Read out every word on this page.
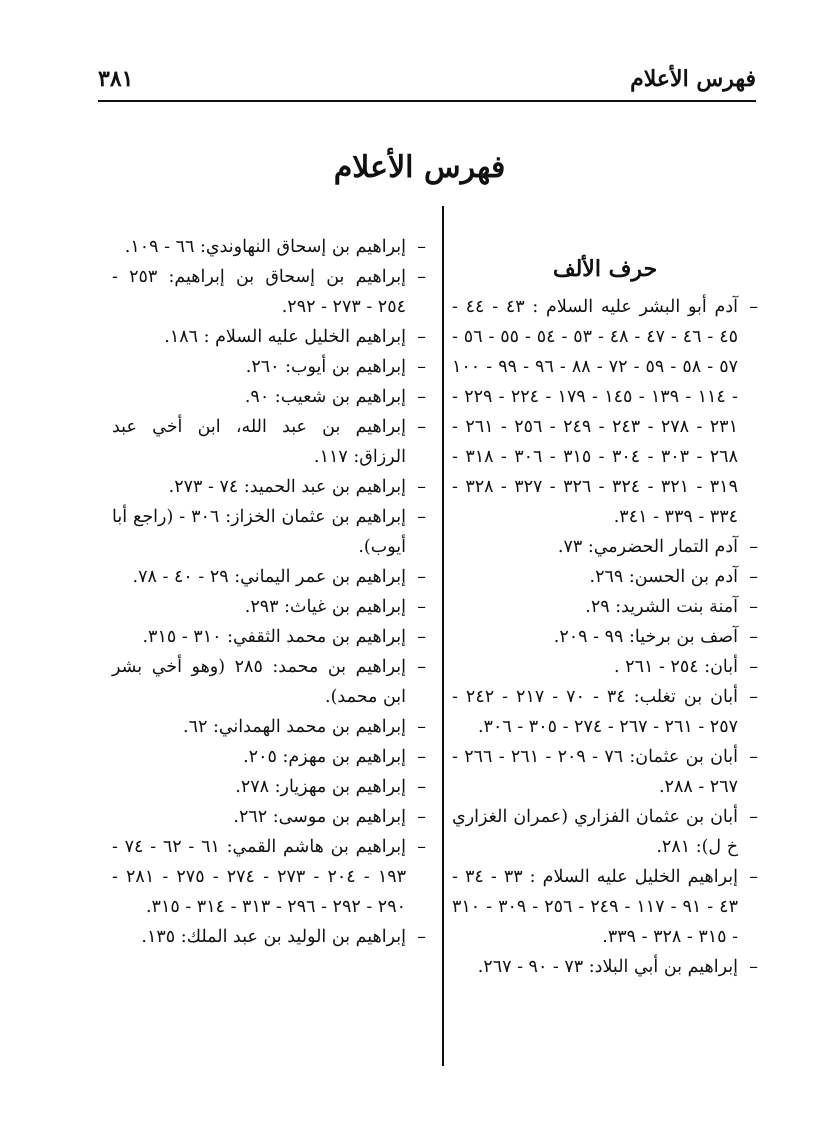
فهرس الأعلام
٣٨١
فهرس الأعلام
حرف الألف
–
آدم أبو البشر عليه السلام : ٤٣ - ٤٤ - ٤٥ - ٤٦ - ٤٧ - ٤٨ - ٥٣ - ٥٤ - ٥٥ - ٥٦ - ٥٧ - ٥٨ - ٥٩ - ٧٢ - ٨٨ - ٩٦ - ٩٩ - ١٠٠ - ١١٤ - ١٣٩ - ١٤٥ - ١٧٩ - ٢٢٤ - ٢٢٩ - ٢٣١ - ٢٧٨ - ٢٤٣ - ٢٤٩ - ٢٥٦ - ٢٦١ - ٢٦٨ - ٣٠٣ - ٣٠٤ - ٣١٥ - ٣٠٦ - ٣١٨ - ٣١٩ - ٣٢١ - ٣٢٤ - ٣٢٦ - ٣٢٧ - ٣٢٨ - ٣٣٤ - ٣٣٩ - ٣٤١.
–
آدم التمار الحضرمي: ٧٣.
–
آدم بن الحسن: ٢٦٩.
–
آمنة بنت الشريد: ٢٩.
–
آصف بن برخيا: ٩٩ - ٢٠٩.
–
أبان: ٢٥٤ - ٢٦١ .
–
أبان بن تغلب: ٣٤ - ٧٠ - ٢١٧ - ٢٤٢ - ٢٥٧ - ٢٦١ - ٢٦٧ - ٢٧٤ - ٣٠٥ - ٣٠٦.
–
أبان بن عثمان: ٧٦ - ٢٠٩ - ٢٦١ - ٢٦٦ - ٢٦٧ - ٢٨٨.
–
أبان بن عثمان الفزاري (عمران الغزاري خ ل): ٢٨١.
–
إبراهيم الخليل عليه السلام : ٣٣ - ٣٤ - ٤٣ - ٩١ - ١١٧ - ٢٤٩ - ٢٥٦ - ٣٠٩ - ٣١٠ - ٣١٥ - ٣٢٨ - ٣٣٩.
–
إبراهيم بن أبي البلاد: ٧٣ - ٩٠ - ٢٦٧.
–
إبراهيم بن إسحاق النهاوندي: ٦٦ - ١٠٩.
–
إبراهيم بن إسحاق بن إبراهيم: ٢٥٣ - ٢٥٤ - ٢٧٣ - ٢٩٢.
–
إبراهيم الخليل عليه السلام : ١٨٦.
–
إبراهيم بن أيوب: ٢٦٠.
–
إبراهيم بن شعيب: ٩٠.
–
إبراهيم بن عبد الله، ابن أخي عبد الرزاق: ١١٧.
–
إبراهيم بن عبد الحميد: ٧٤ - ٢٧٣.
–
إبراهيم بن عثمان الخزاز: ٣٠٦ - (راجع أبا أيوب).
–
إبراهيم بن عمر اليماني: ٢٩ - ٤٠ - ٧٨.
–
إبراهيم بن غياث: ٢٩٣.
–
إبراهيم بن محمد الثقفي: ٣١٠ - ٣١٥.
–
إبراهيم بن محمد: ٢٨٥ (وهو أخي بشر ابن محمد).
–
إبراهيم بن محمد الهمداني: ٦٢.
–
إبراهيم بن مهزم: ٢٠٥.
–
إبراهيم بن مهزيار: ٢٧٨.
–
إبراهيم بن موسى: ٢٦٢.
–
إبراهيم بن هاشم القمي: ٦١ - ٦٢ - ٧٤ - ١٩٣ - ٢٠٤ - ٢٧٣ - ٢٧٤ - ٢٧٥ - ٢٨١ - ٢٩٠ - ٢٩٢ - ٢٩٦ - ٣١٣ - ٣١٤ - ٣١٥.
–
إبراهيم بن الوليد بن عبد الملك: ١٣٥.
